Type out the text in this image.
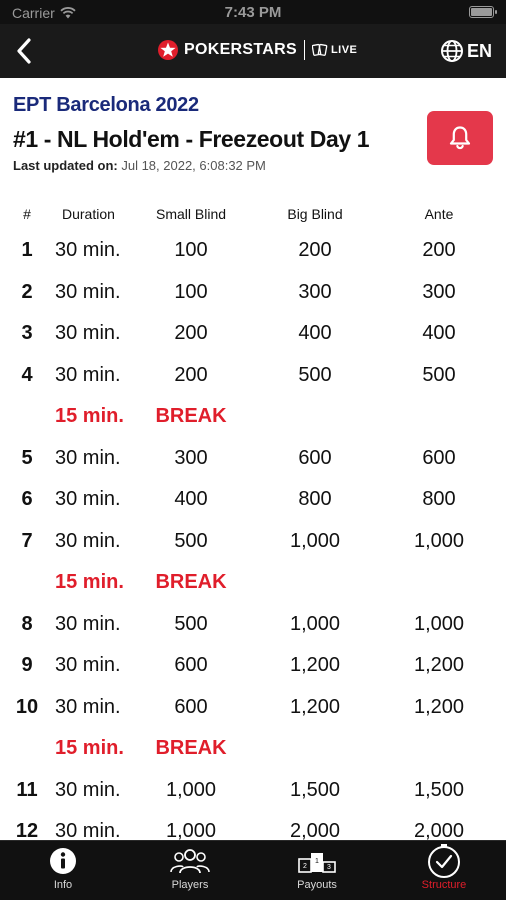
Carrier	7:43 PM
POKERSTARS	LIVE	EN
EPT Barcelona 2022
#1 - NL Hold'em - Freezeout Day 1
Last updated on: Jul 18, 2022, 6:08:32 PM
#	Duration	Small Blind	Big Blind	Ante
1	30 min.	100	200	200
2	30 min.	100	300	300
3	30 min.	200	400	400
4	30 min.	200	500	500
15 min.	BREAK
5	30 min.	300	600	600
6	30 min.	400	800	800
7	30 min.	500	1,000	1,000
15 min.	BREAK
8	30 min.	500	1,000	1,000
9	30 min.	600	1,200	1,200
10 30 min.	600	1,200	1,200
15 min.	BREAK
11 30 min.	1,000	1,500	1,500
12 30 min.	1,000	2,000	2,000
Info	Players
2
1
3
Payouts	Structure
